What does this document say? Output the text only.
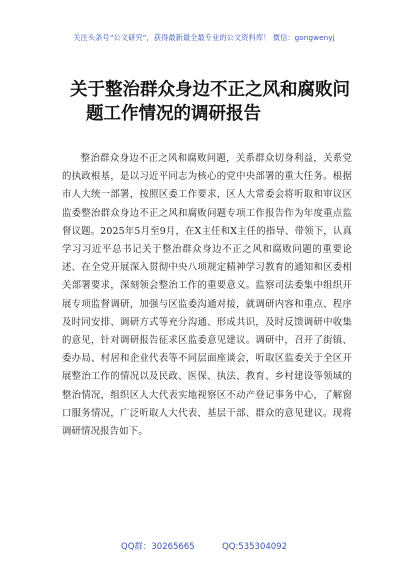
关注头条号“公文研究”，获得最新最全最专业的公文资料库！ 微信：gongwenyj
关于整治群众身边不正之风和腐败问
题工作情况的调研报告

整治群众身边不正之风和腐败问题，关系群众切身利益，关系党的执政根基，是以习近平同志为核心的党中央部署的重大任务。根据市人大统一部署，按照区委工作要求，区人大常委会将听取和审议区监委整治群众身边不正之风和腐败问题专项工作报告作为年度重点监督议题。2025年5月至9月，在X主任和X主任的指导、带领下，认真学习习近平总书记关于整治群众身边不正之风和腐败问题的重要论述、在全党开展深入贯彻中央八项规定精神学习教育的通知和区委相关部署要求，深刻领会整治工作的重要意义。监察司法委集中组织开展专项监督调研，加强与区监委沟通对接，就调研内容和重点、程序及时同安排、调研方式等充分沟通、形成共识，及时反馈调研中收集的意见，针对调研报告征求区监委意见建议。调研中，召开了街镇、委办局、村居和企业代表等不同层面座谈会，听取区监委关于全区开展整治工作的情况以及民政、医保、执法、教育、乡村建设等领域的整治情况，组织区人大代表实地视察区不动产登记事务中心，了解窗口服务情况，广泛听取人大代表、基层干部、群众的意见建议。现将调研情况报告如下。

QQ群：30265665	QQ:535304092
